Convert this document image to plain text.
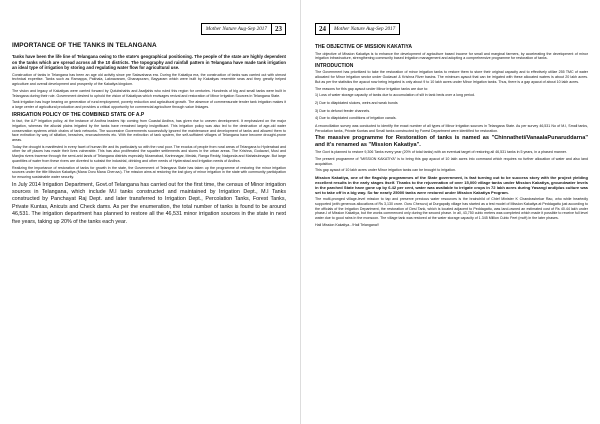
Mother Nature Aug-Sep 2017	23
IMPORTANCE OF THE TANKS IN TELANGANA

Tanks have been the life line of Telangana owing to the state's geographical positioning. The people of the state are highly dependent on the tanks which are spread across all the 10 districts. The topography and rainfall pattern in Telangana have made tank irrigation an ideal type of irrigation by storing and regulating water flow for agricultural use.

Construction of tanks in Telangana has been an age old activity since pre Satavahana era. During the Kakatiya era, the construction of tanks was carried out with utmost technical expertise. Tanks such as Ramappa, Pakhala, Laknavaram, Ghanapuram, Bayyaram which were built by Kakatiyas resemble seas and they greatly helped agriculture and overall development and prosperity of the Kakatiya kingdom.

The vision and legacy of Kakatiyas were carried forward by Qutubshahis and Asafjahis who ruled this region for centuries. Hundreds of big and small tanks were built in Telangana during their rule. Government desired to uphold the vision of Kakatiyas which envisages revival and restoration of Minor Irrigation Sources in Telangana State.

Tank irrigation has huge bearing on generation of rural employment, poverty reduction and agricultural growth. The absence of commensurate tender tank irrigation makes it a large center of agricultural production and provides a critical opportunity for commercial agriculture through value linkages.

IRRIGATION POLICY OF THE COMBINED STATE OF A.P

In fact, the A.P irrigation policy, at the instance of Andhra leaders hip coming from Coastal Andhra, has given rise to uneven development. It emphasized on the major irrigation, whereas the alluvial plains irrigated by the tanks have remained largely insignificant. This irrigation policy was also led to the destruction of age-old water conservation systems which chains of tank networks. The successive Governments successfully ignored the maintenance and development of tanks and allowed them to face extinction by way of siltation, breaches, encroachments etc. With the extinction of tank system, the self-sufficient villages of Telangana have become drought-prone areas.

Today the drought is manifested in every facet of human life and its particularly so with the rural poor. The exodus of people from rural areas of Telangana to Hyderabad and other far off places has made their lives vulnerable. This has also proliferated the squatter settlements and slums in the urban areas. The Krishna, Godavari, Musi and Manjira rivers traverse through the semi-arid lands of Telangana districts especially Nizamabad, Karimnagar, Medak, Ranga Reddy, Nalgonda and Mahabubnagar. But large quantities of water from these rivers are diverted to subsist the industrial, drinking and other needs of Hyderabad and irrigation needs of Andhra.

Realizing the importance of restoration of tanks for growth in the state, the Government of Telangana State has taken up the programme of restoring the minor irrigation sources under the title Mission Kakatiya (Mana Ooru Mana Cheruvu). The mission aims at restoring the lost glory of minor irrigation in the state with community participation for ensuring sustainable water security.

In July 2014 Irrigation Department, Govt.of Telangana has carried out for the first time, the census of Minor irrigation sources in Telangana, which include M.I tanks constructed and maintained by Irrigation Dept., M.I Tanks constructed by Panchayat Raj Dept. and later transferred to Irrigation Dept., Percolation Tanks, Forest Tanks, Private Kuntas, Anicuts and Check dams. As per the enumeration, the total number of tanks is found to be around 46,531. The irrigation department has planned to restore all the 46,531 minor irrigation sources in the state in next five years, taking up 20% of the tanks each year.

24	Mother Nature Aug-Sep 2017
THE OBJECTIVE OF MISSION KAKATIYA

The objective of Mission Kakatiya is to enhance the development of agriculture based income for small and marginal farmers, by accelerating the development of minor irrigation infrastructure, strengthening community based irrigation management and adopting a comprehensive programme for restoration of tanks.

INTRODUCTION

The Government has prioritized to take the restoration of minor irrigation tanks to restore them to store their original capacity and to effectively utilize 255 TMC of water allocated for Minor irrigation sector under Godavari & Krishna River basins. The minimum ayacut that can be irrigated with these allocated waters is about 20 lakh acres. But as per the statistics the ayacut now being irrigated is only about 9 to 10 lakh acres under Minor Irrigation tanks. Thus, there is a gap ayacut of about 10 lakh acres.

The reasons for this gap ayacut under Minor irrigation tanks are due to:

1) Loss of water storage capacity of tanks due to accumulation of silt in tank beds over a long period.

2) Due to dilapidated sluices, weirs and weak bunds

3) Due to defunct feeder channels.

4) Due to dilapidated conditions of irrigation canals.

A reconciliation survey was conducted to identify the exact number of all types of Minor irrigation sources in Telangana State. As per survey 46,531 No of M.I, Small tanks, Percolation tanks, Private Kuntas and Small tanks constructed by Forest Department were identified for restoration.

The massive programme for Restoration of tanks is named as "Chinnatheti/VanaalaPunaruddarna" and it's renamed as "Mission Kakatiya".

The Govt is planned to restore 9,306 Tanks every year (20% of total tanks) with an eventual target of restoring all 46,531 tanks in 5 years, in a phased manner.

The present programme of "MISSION KAKATIYA" is to bring this gap ayacut of 10 lakh acres into command which requires no further allocation of water and also land acquisition.

This gap ayacut of 10 lakh acres under Minor irrigation tanks can be brought to irrigation.

Mission Kakatiya, one of the flagship programmes of the State government, is fast turning out to be success story with the project yielding excellent results in the early stages itself. Thanks to the rejuvenation of over 15,000 village tanks under Mission Kakatiya, groundwater levels in the parched State have gone up by 6.42 per cent, water was available to irrigate crops in 72 lakh acres during Yasangi and/plus culture was set to take off in a big way. So far nearly 25000 tanks were restored under Mission Kakatiya Program.

The multi-pronged village-level mission to tap and preserve precious water resources is the brainchild of Chief Minister K Chandrashekar Rao, who while heartedly supported (with generous allocations of Rs 3,130 crore. Ooru Cheruvu) at Durgapally village has started as a test model of Mission Kakatiya at Peddagattu just according to the officials of the Irrigation Department, the restoration of Desi Tank, which is located adjacent to Peddagattu, was land-owned an estimated cost of Rs 40.44 lakh under phase-I of Mission Kakatiya, but the works commenced only during the second phase. In all, 43,750 cubic meters was completed which made it possible to receive full level water due to good rains in the monsoon. The village tank was restored at the water storage capacity of 1.345 Million Cubic Feet (mcft) in the later phases.

Hail Mission Kakatiya...!Hail Telangana!!
